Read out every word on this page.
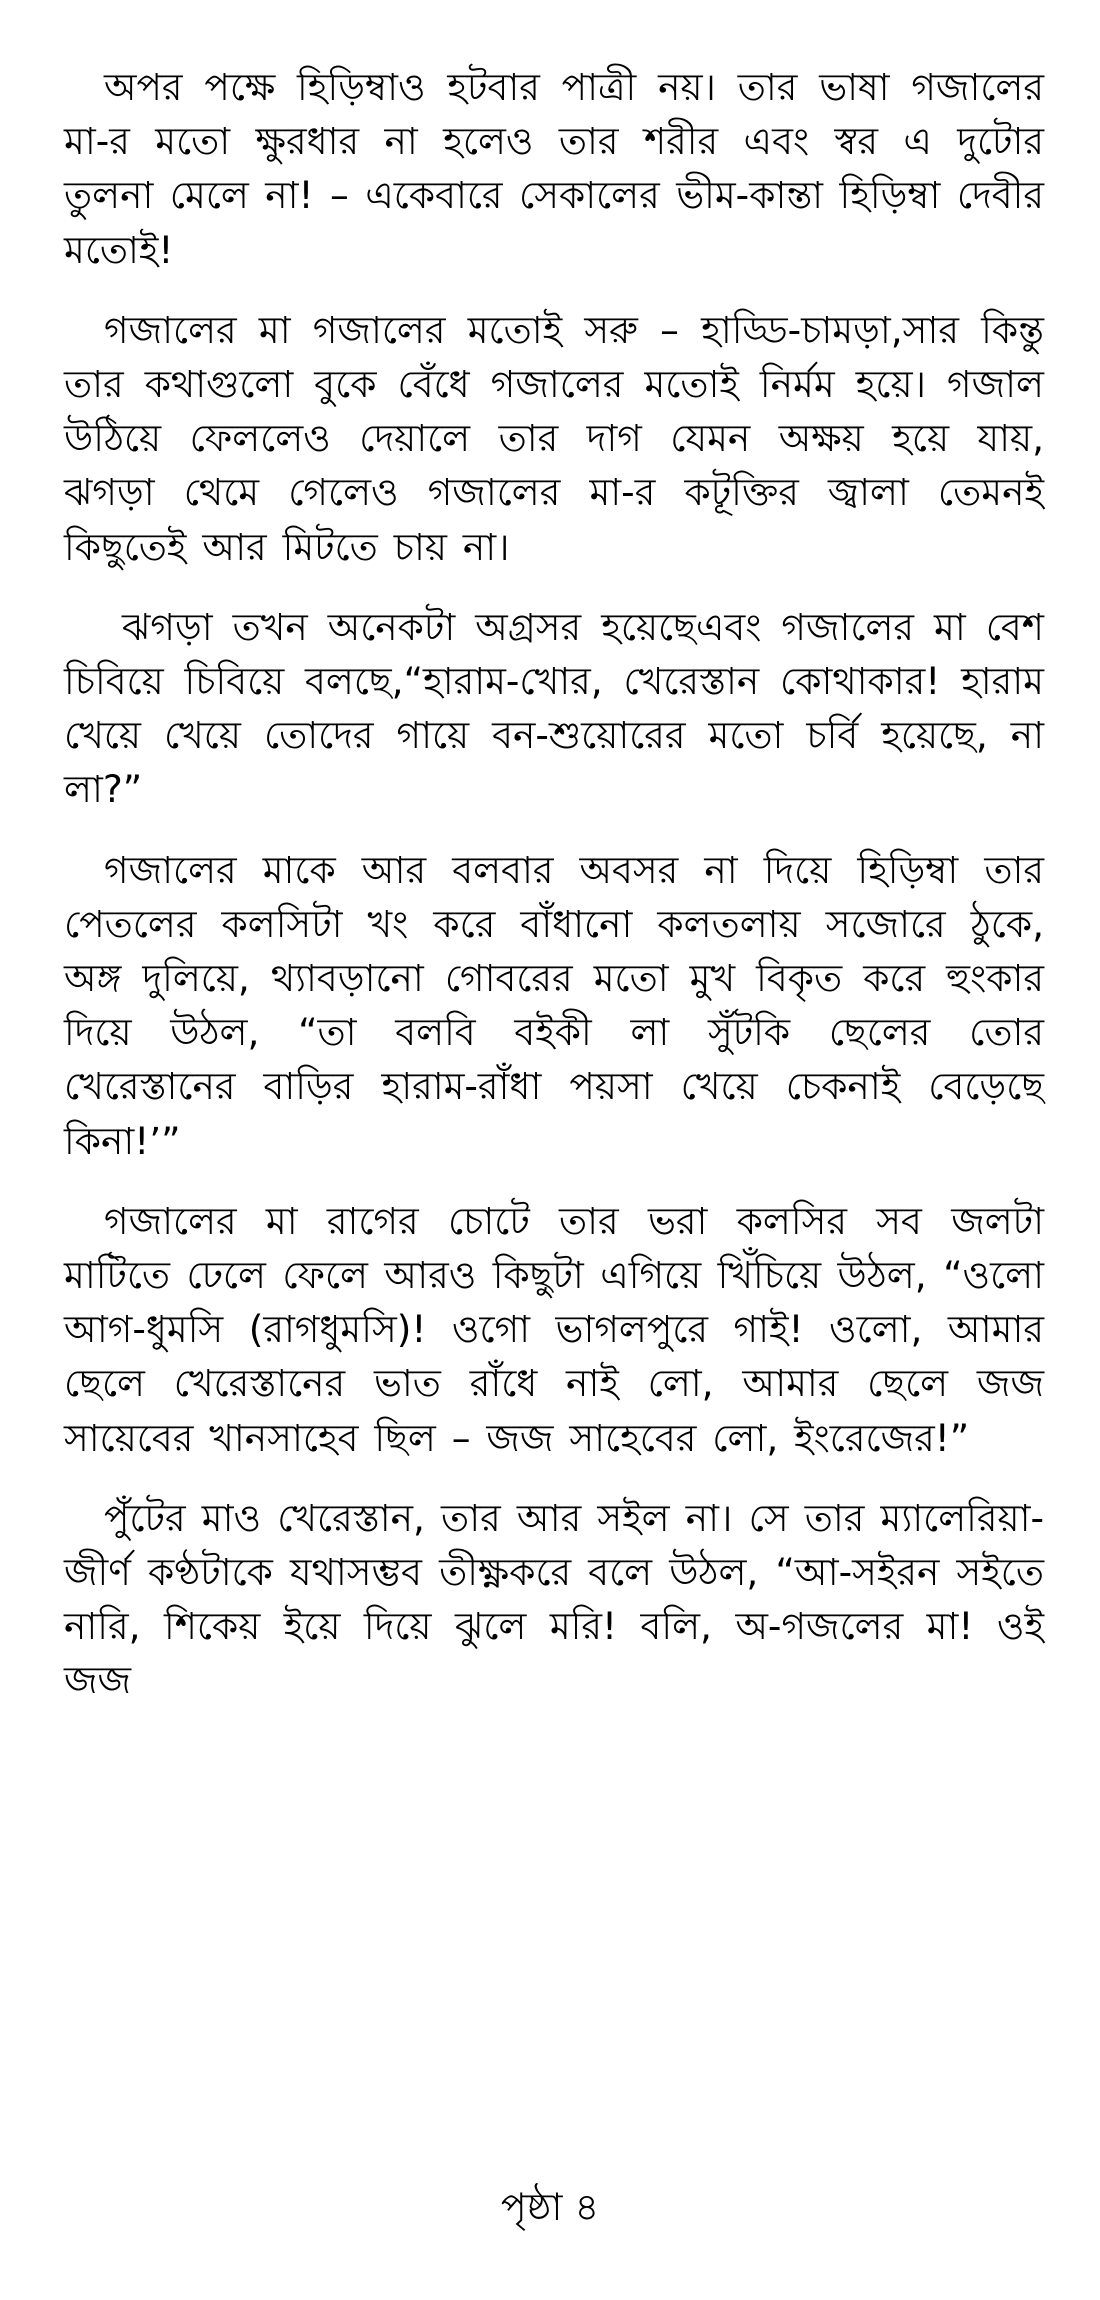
অপর পক্ষে হিড়িম্বাও হটবার পাত্রী নয়। তার ভাষা গজালের মা-র মতো ক্ষুরধার না হলেও তার শরীর এবং স্বর এ দুটোর তুলনা মেলে না! – একেবারে সেকালের ভীম-কান্তা হিড়িম্বা দেবীর মতোই!

গজালের মা গজালের মতোই সরু – হাড্ডি-চামড়া,সার কিন্তু তার কথাগুলো বুকে বেঁধে গজালের মতোই নির্মম হয়ে। গজাল উঠিয়ে ফেললেও দেয়ালে তার দাগ যেমন অক্ষয় হয়ে যায়, ঝগড়া থেমে গেলেও গজালের মা-র কটূক্তির জ্বালা তেমনই কিছুতেই আর মিটতে চায় না।

ঝগড়া তখন অনেকটা অগ্রসর হয়েছেএবং গজালের মা বেশ চিবিয়ে চিবিয়ে বলছে,“হারাম-খোর, খেরেস্তান কোথাকার! হারাম খেয়ে খেয়ে তোদের গায়ে বন-শুয়োরের মতো চর্বি হয়েছে, না লা?”

গজালের মাকে আর বলবার অবসর না দিয়ে হিড়িম্বা তার পেতলের কলসিটা খং করে বাঁধানো কলতলায় সজোরে ঠুকে, অঙ্গ দুলিয়ে, থ্যাবড়ানো গোবরের মতো মুখ বিকৃত করে হুংকার দিয়ে উঠল, “তা বলবি বইকী লা সুঁটকি ছেলের তোর খেরেস্তানের বাড়ির হারাম-রাঁধা পয়সা খেয়ে চেকনাই বেড়েছে কিনা!’”

গজালের মা রাগের চোটে তার ভরা কলসির সব জলটা মাটিতে ঢেলে ফেলে আরও কিছুটা এগিয়ে খিঁচিয়ে উঠল, “ওলো আগ-ধুমসি (রাগধুমসি)! ওগো ভাগলপুরে গাই! ওলো, আমার ছেলে খেরেস্তানের ভাত রাঁধে নাই লো, আমার ছেলে জজ সায়েবের খানসাহেব ছিল – জজ সাহেবের লো, ইংরেজের!”

পুঁটের মাও খেরেস্তান, তার আর সইল না। সে তার ম্যালেরিয়া-জীর্ণ কণ্ঠটাকে যথাসম্ভব তীক্ষ্ণকরে বলে উঠল, “আ-সইরন সইতে নারি, শিকেয় ইয়ে দিয়ে ঝুলে মরি! বলি, অ-গজলের মা! ওই জজ

পৃষ্ঠা ৪
